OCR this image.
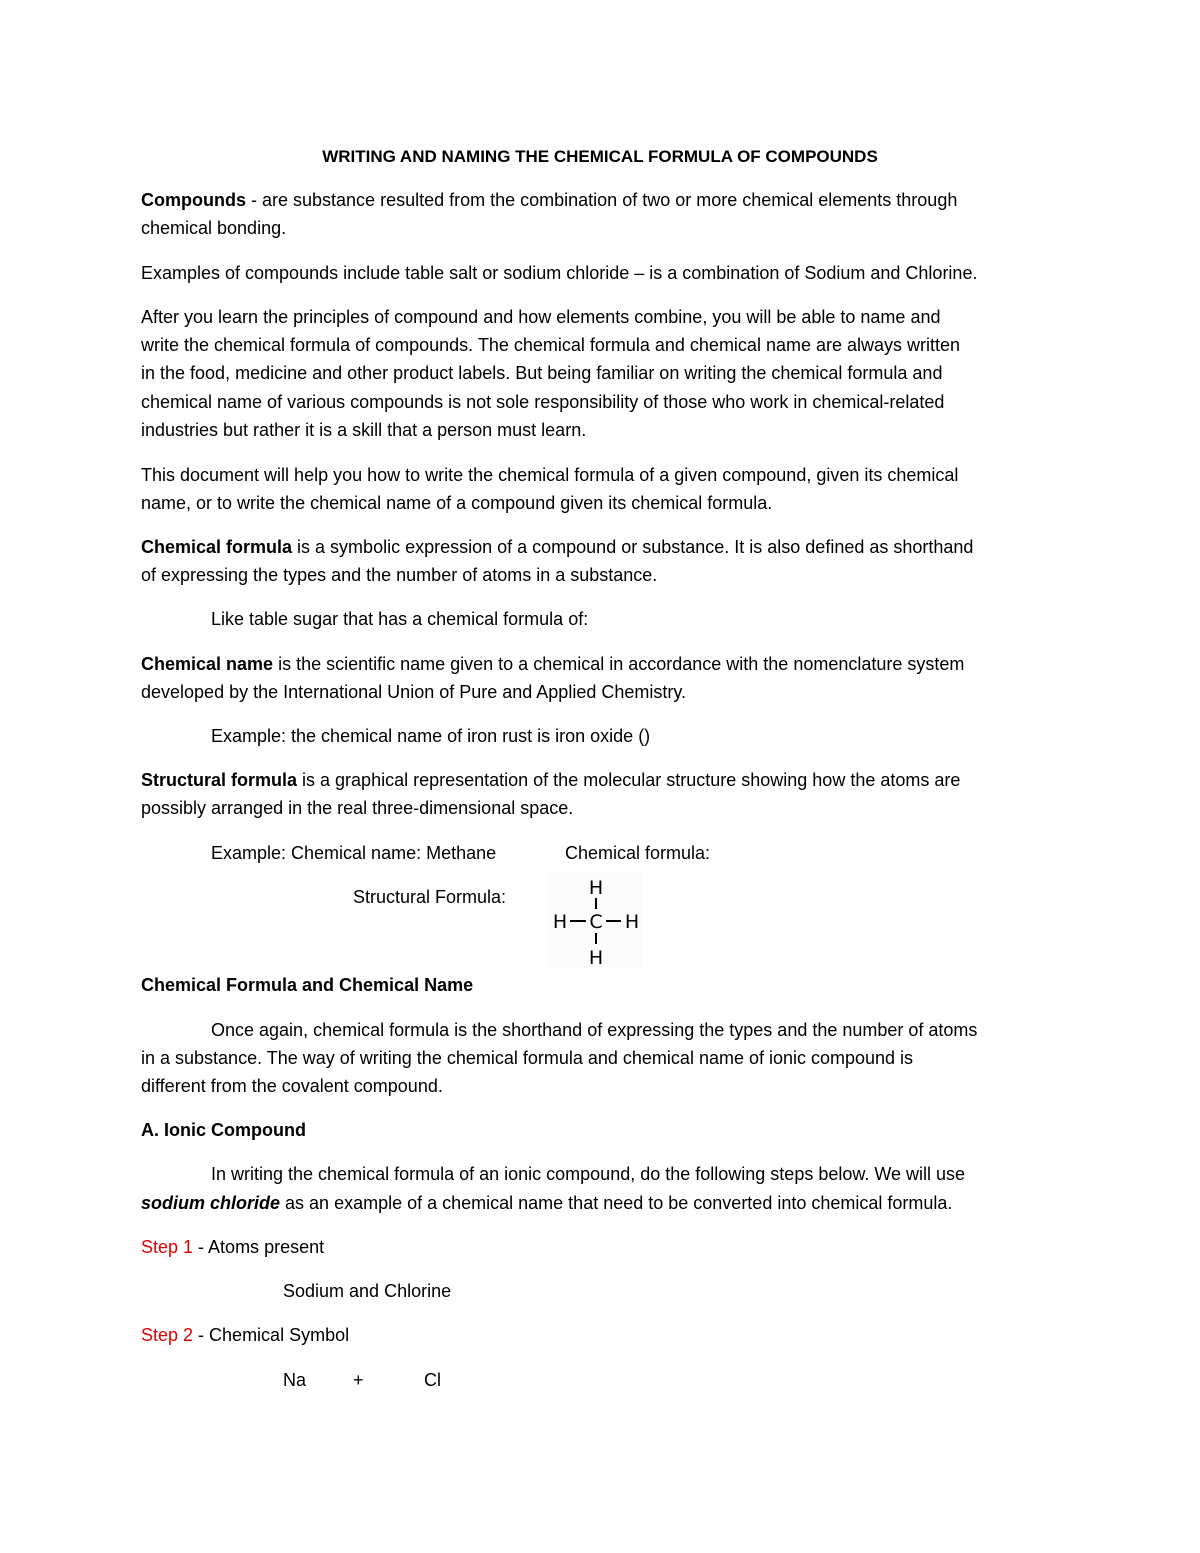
WRITING AND NAMING THE CHEMICAL FORMULA OF COMPOUNDS
Compounds - are substance resulted from the combination of two or more chemical elements through
chemical bonding.
Examples of compounds include table salt or sodium chloride – is a combination of Sodium and Chlorine.
After you learn the principles of compound and how elements combine, you will be able to name and
write the chemical formula of compounds. The chemical formula and chemical name are always written
in the food, medicine and other product labels. But being familiar on writing the chemical formula and
chemical name of various compounds is not sole responsibility of those who work in chemical-related
industries but rather it is a skill that a person must learn.
This document will help you how to write the chemical formula of a given compound, given its chemical
name, or to write the chemical name of a compound given its chemical formula.
Chemical formula is a symbolic expression of a compound or substance. It is also defined as shorthand
of expressing the types and the number of atoms in a substance.
Like table sugar that has a chemical formula of:
Chemical name is the scientific name given to a chemical in accordance with the nomenclature system
developed by the International Union of Pure and Applied Chemistry.
Example: the chemical name of iron rust is iron oxide ()
Structural formula is a graphical representation of the molecular structure showing how the atoms are
possibly arranged in the real three-dimensional space.
Example: Chemical name: Methane	Chemical formula:
Structural Formula:	H
H C H
H
Chemical Formula and Chemical Name
Once again, chemical formula is the shorthand of expressing the types and the number of atoms
in a substance. The way of writing the chemical formula and chemical name of ionic compound is
different from the covalent compound.
A. Ionic Compound
In writing the chemical formula of an ionic compound, do the following steps below. We will use
sodium chloride as an example of a chemical name that need to be converted into chemical formula.
Step 1 - Atoms present
Sodium and Chlorine
Step 2 - Chemical Symbol
Na	+	Cl
